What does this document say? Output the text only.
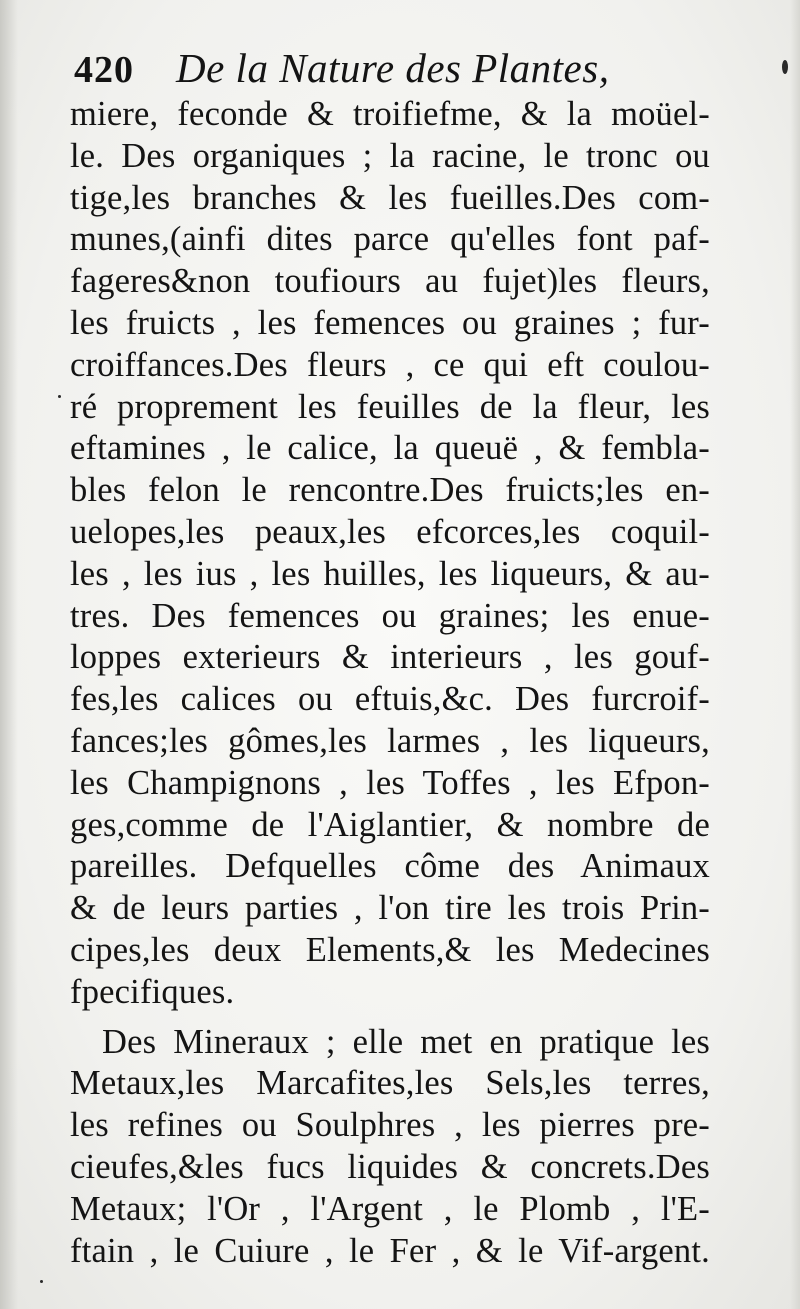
420 De la Nature des Plantes,
miere, feconde & troifiefme, & la moüel-
le. Des organiques ; la racine, le tronc ou
tige,les branches & les fueilles.Des com-
munes,(ainfi dites parce qu'elles font paf-
fageres&non toufiours au fujet)les fleurs,
les fruicts , les femences ou graines ; fur-
croiffances.Des fleurs , ce qui eft coulou-
ré proprement les feuilles de la fleur, les
eftamines , le calice, la queuë , & fembla-
bles felon le rencontre.Des fruicts;les en-
uelopes,les peaux,les efcorces,les coquil-
les , les ius , les huilles, les liqueurs, & au-
tres. Des femences ou graines; les enue-
loppes exterieurs & interieurs , les gouf-
fes,les calices ou eftuis,&c. Des furcroif-
fances;les gômes,les larmes , les liqueurs,
les Champignons , les Toffes , les Efpon-
ges,comme de l'Aiglantier, & nombre de
pareilles. Defquelles côme des Animaux
& de leurs parties , l'on tire les trois Prin-
cipes,les deux Elements,& les Medecines
fpecifiques.
Des Mineraux ; elle met en pratique les
Metaux,les Marcafites,les Sels,les terres,
les refines ou Soulphres , les pierres pre-
cieufes,&les fucs liquides & concrets.Des
Metaux; l'Or , l'Argent , le Plomb , l'E-
ftain , le Cuiure , le Fer , & le Vif-argent.
